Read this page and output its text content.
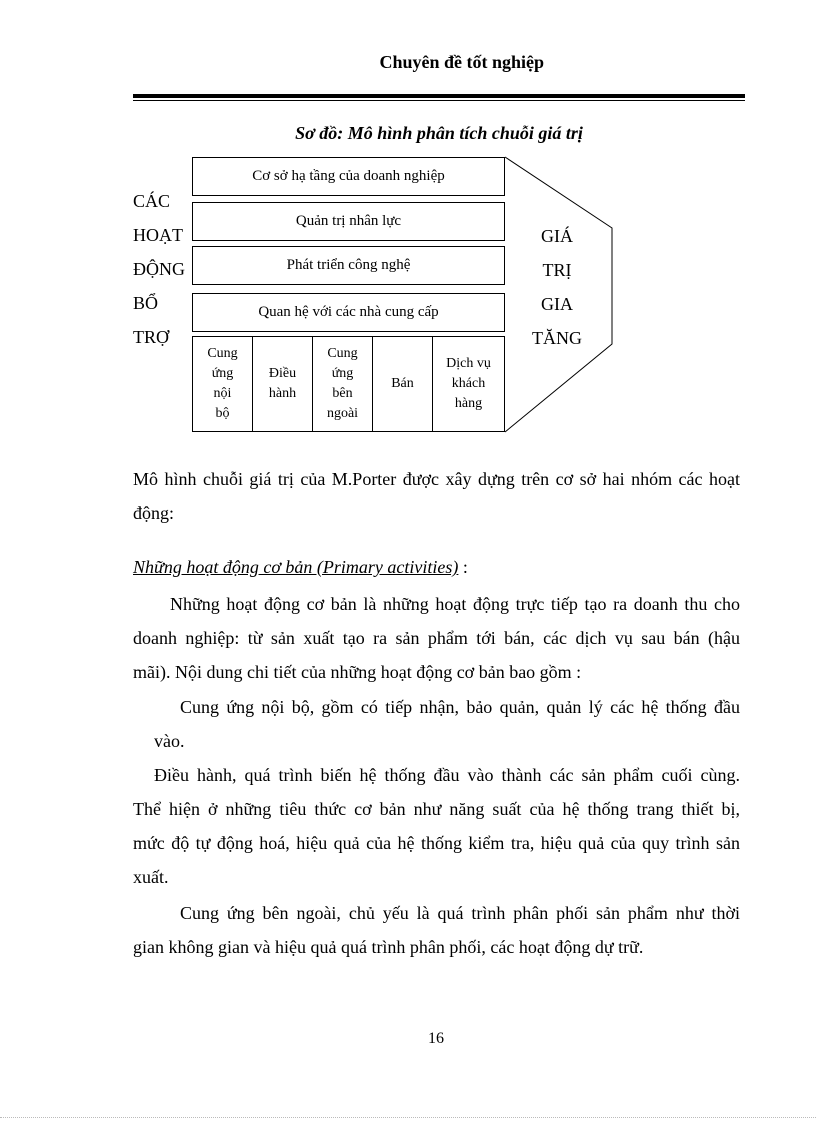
Chuyên đề tốt nghiệp
Sơ đồ: Mô hình phân tích chuỗi giá trị
Cơ sở hạ tầng của doanh nghiệp
Quản trị nhân lực
Phát triển công nghệ
Quan hệ với các nhà cung cấp
Cung
ứng
nội
bộ
Điều
hành
Cung
ứng
bên
ngoài
Bán
Dịch vụ
khách
hàng
CÁC
HOẠT
ĐỘNG
BỔ
TRỢ
GIÁ
TRỊ
GIA
TĂNG
Mô hình chuỗi giá trị của M.Porter được xây dựng trên cơ sở hai nhóm các hoạt
động:
Những hoạt động cơ bản (Primary activities) :
Những hoạt động cơ bản là những hoạt động trực tiếp tạo ra doanh thu cho
doanh nghiệp: từ sản xuất tạo ra sản phẩm tới bán, các dịch vụ sau bán (hậu
mãi). Nội dung chi tiết của những hoạt động cơ bản bao gồm :
Cung ứng nội bộ, gồm có tiếp nhận, bảo quản, quản lý các hệ thống đầu
vào.
Điều hành, quá trình biến hệ thống đầu vào thành các sản phẩm cuối cùng.
Thể hiện ở những tiêu thức cơ bản như năng suất của hệ thống trang thiết bị,
mức độ tự động hoá, hiệu quả của hệ thống kiểm tra, hiệu quả của quy trình sản
xuất.
Cung ứng bên ngoài, chủ yếu là quá trình phân phối sản phẩm như thời
gian không gian và hiệu quả quá trình phân phối, các hoạt động dự trữ.
16
